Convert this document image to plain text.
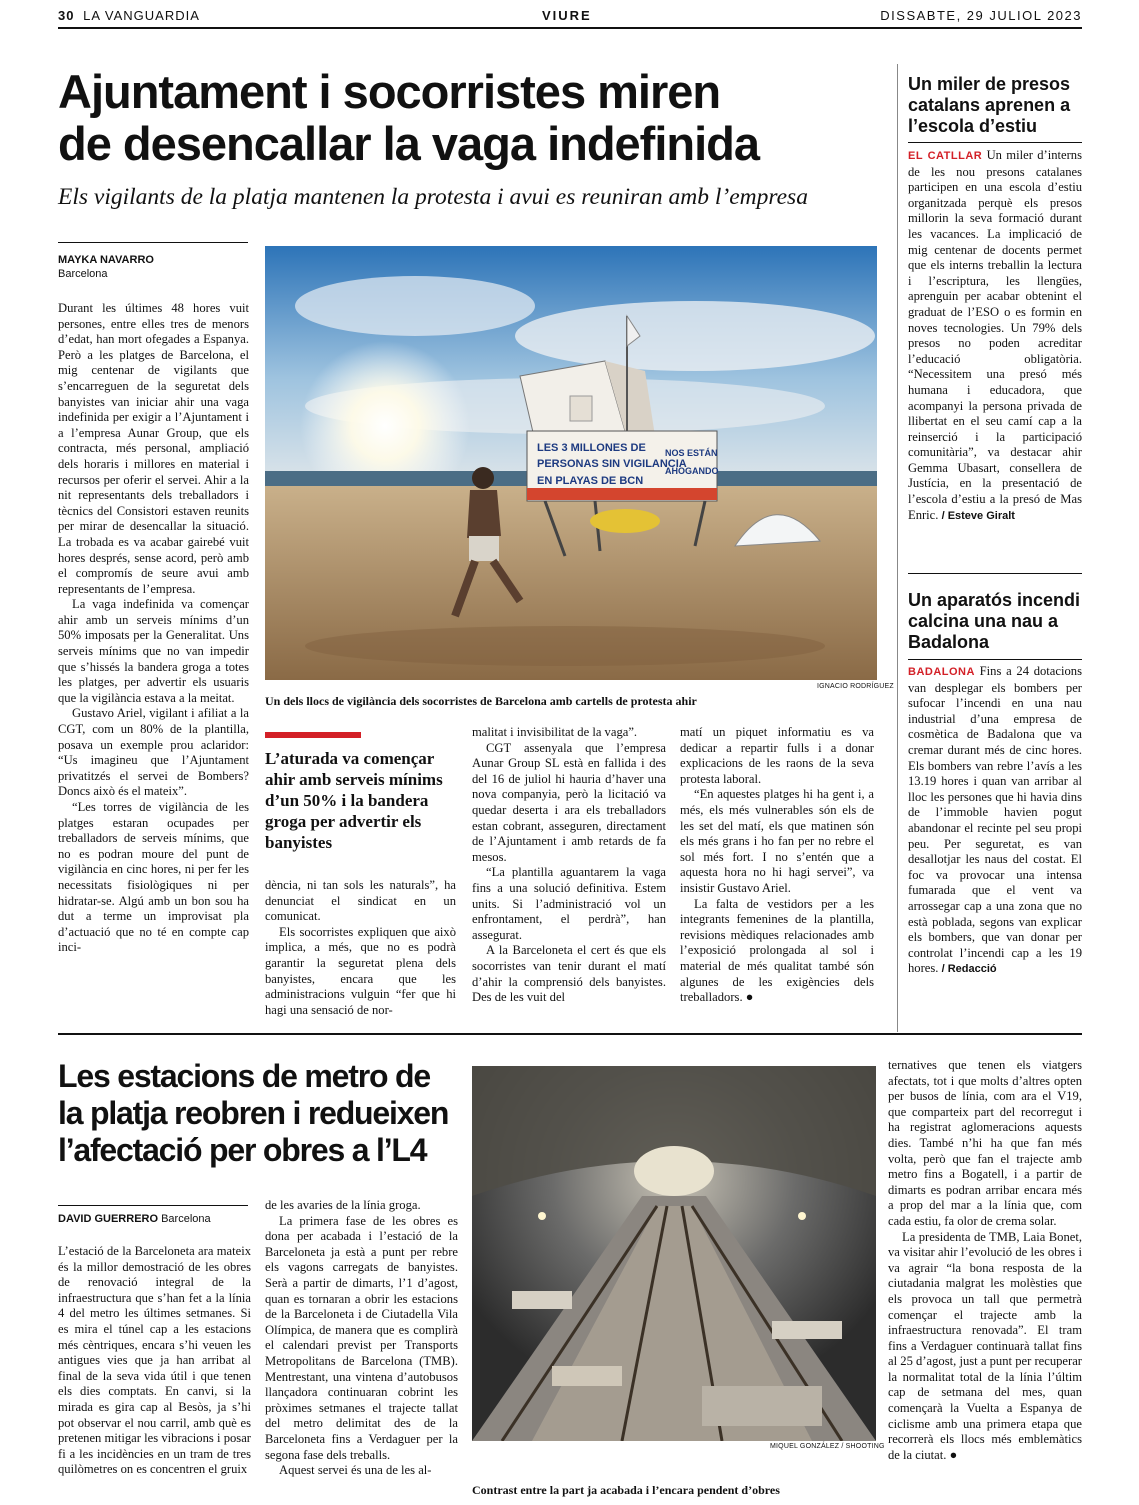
30 LA VANGUARDIA	VIURE	DISSABTE, 29 JULIOL 2023
Ajuntament i socorristes miren
de desencallar la vaga indefinida
Els vigilants de la platja mantenen la protesta i avui es reuniran amb l’empresa
MAYKA NAVARRO
Barcelona

Durant les últimes 48 hores vuit persones, entre elles tres de menors d’edat, han mort ofegades a Espanya. Però a les platges de Barcelona, el mig centenar de vigilants que s’encarreguen de la seguretat dels banyistes van iniciar ahir una vaga indefinida per exigir a l’Ajuntament i a l’empresa Aunar Group, que els contracta, més personal, ampliació dels horaris i millores en material i recursos per oferir el servei. Ahir a la nit representants dels treballadors i tècnics del Consistori estaven reunits per mirar de desencallar la situació. La trobada es va acabar gairebé vuit hores després, sense acord, però amb el compromís de seure avui amb representants de l’empresa.

La vaga indefinida va començar ahir amb un serveis mínims d’un 50% imposats per la Generalitat. Uns serveis mínims que no van impedir que s’hissés la bandera groga a totes les platges, per advertir els usuaris que la vigilància estava a la meitat.

Gustavo Ariel, vigilant i afiliat a la CGT, com un 80% de la plantilla, posava un exemple prou aclaridor: “Us imagineu que l’Ajuntament privatitzés el servei de Bombers? Doncs això és el mateix”.

“Les torres de vigilància de les platges estaran ocupades per treballadors de serveis mínims, que no es podran moure del punt de vigilància en cinc hores, ni per fer les necessitats fisiològiques ni per hidratar-se. Algú amb un bon sou ha dut a terme un improvisat pla d’actuació que no té en compte cap inci-

LES 3 MILLONES DE
PERSONAS SIN VIGILANCIA
EN PLAYAS DE BCN
NOS ESTÁN
AHOGANDO
IGNACIO RODRÍGUEZ
Un dels llocs de vigilància dels socorristes de Barcelona amb cartells de protesta ahir
L’aturada va començar ahir amb serveis mínims d’un 50% i la bandera groga per advertir els banyistes

dència, ni tan sols les naturals”, ha denunciat el sindicat en un comunicat.

Els socorristes expliquen que això implica, a més, que no es podrà garantir la seguretat plena dels banyistes, encara que les administracions vulguin “fer que hi hagi una sensació de nor-

malitat i invisibilitat de la vaga”.

CGT assenyala que l’empresa Aunar Group SL està en fallida i des del 16 de juliol hi hauria d’haver una nova companyia, però la licitació va quedar deserta i ara els treballadors estan cobrant, asseguren, directament de l’Ajuntament i amb retards de fa mesos.

“La plantilla aguantarem la vaga fins a una solució definitiva. Estem units. Si l’administració vol un enfrontament, el perdrà”, han assegurat.

A la Barceloneta el cert és que els socorristes van tenir durant el matí d’ahir la comprensió dels banyistes. Des de les vuit del

matí un piquet informatiu es va dedicar a repartir fulls i a donar explicacions de les raons de la seva protesta laboral.

“En aquestes platges hi ha gent i, a més, els més vulnerables són els de les set del matí, els que matinen són els més grans i ho fan per no rebre el sol més fort. I no s’entén que a aquesta hora no hi hagi servei”, va insistir Gustavo Ariel.

La falta de vestidors per a les integrants femenines de la plantilla, revisions mèdiques relacionades amb l’exposició prolongada al sol i material de més qualitat també són algunes de les exigències dels treballadors. ●

Un miler de presos catalans aprenen a l’escola d’estiu

EL CATLLAR Un miler d’interns de les nou presons catalanes participen en una escola d’estiu organitzada perquè els presos millorin la seva formació durant les vacances. La implicació de mig centenar de docents permet que els interns treballin la lectura i l’escriptura, les llengües, aprenguin per acabar obtenint el graduat de l’ESO o es formin en noves tecnologies. Un 79% dels presos no poden acreditar l’educació obligatòria. “Necessitem una presó més humana i educadora, que acompanyi la persona privada de llibertat en el seu camí cap a la reinserció i la participació comunitària”, va destacar ahir Gemma Ubasart, consellera de Justícia, en la presentació de l’escola d’estiu a la presó de Mas Enric. / Esteve Giralt

Un aparatós incendi calcina una nau a Badalona

BADALONA Fins a 24 dotacions van desplegar els bombers per sufocar l’incendi en una nau industrial d’una empresa de cosmètica de Badalona que va cremar durant més de cinc hores. Els bombers van rebre l’avís a les 13.19 hores i quan van arribar al lloc les persones que hi havia dins de l’immoble havien pogut abandonar el recinte pel seu propi peu. Per seguretat, es van desallotjar les naus del costat. El foc va provocar una intensa fumarada que el vent va arrossegar cap a una zona que no està poblada, segons van explicar els bombers, que van donar per controlat l’incendi cap a les 19 hores. / Redacció

Les estacions de metro de
la platja reobren i redueixen
l’afectació per obres a l’L4
DAVID GUERRERO Barcelona

L’estació de la Barceloneta ara mateix és la millor demostració de les obres de renovació integral de la infraestructura que s’han fet a la línia 4 del metro les últimes setmanes. Si es mira el túnel cap a les estacions més cèntriques, encara s’hi veuen les antigues vies que ja han arribat al final de la seva vida útil i que tenen els dies comptats. En canvi, si la mirada es gira cap al Besòs, ja s’hi pot observar el nou carril, amb què es pretenen mitigar les vibracions i posar fi a les incidències en un tram de tres quilòmetres on es concentren el gruix

de les avaries de la línia groga.

La primera fase de les obres es dona per acabada i l’estació de la Barceloneta ja està a punt per rebre els vagons carregats de banyistes. Serà a partir de dimarts, l’1 d’agost, quan es tornaran a obrir les estacions de la Barceloneta i de Ciutadella Vila Olímpica, de manera que es complirà el calendari previst per Transports Metropolitans de Barcelona (TMB). Mentrestant, una vintena d’autobusos llançadora continuaran cobrint les pròximes setmanes el trajecte tallat del metro delimitat des de la Barceloneta fins a Verdaguer per la segona fase dels treballs.

Aquest servei és una de les al-

MIQUEL GONZÁLEZ / SHOOTING
Contrast entre la part ja acabada i l’encara pendent d’obres

ternatives que tenen els viatgers afectats, tot i que molts d’altres opten per busos de línia, com ara el V19, que comparteix part del recorregut i ha registrat aglomeracions aquests dies. També n’hi ha que fan més volta, però que fan el trajecte amb metro fins a Bogatell, i a partir de dimarts es podran arribar encara més a prop del mar a la línia que, com cada estiu, fa olor de crema solar.

La presidenta de TMB, Laia Bonet, va visitar ahir l’evolució de les obres i va agrair “la bona resposta de la ciutadania malgrat les molèsties que els provoca un tall que permetrà començar el trajecte amb la infraestructura renovada”. El tram fins a Verdaguer continuarà tallat fins al 25 d’agost, just a punt per recuperar la normalitat total de la línia l’últim cap de setmana del mes, quan començarà la Vuelta a Espanya de ciclisme amb una primera etapa que recorrerà els llocs més emblemàtics de la ciutat. ●
